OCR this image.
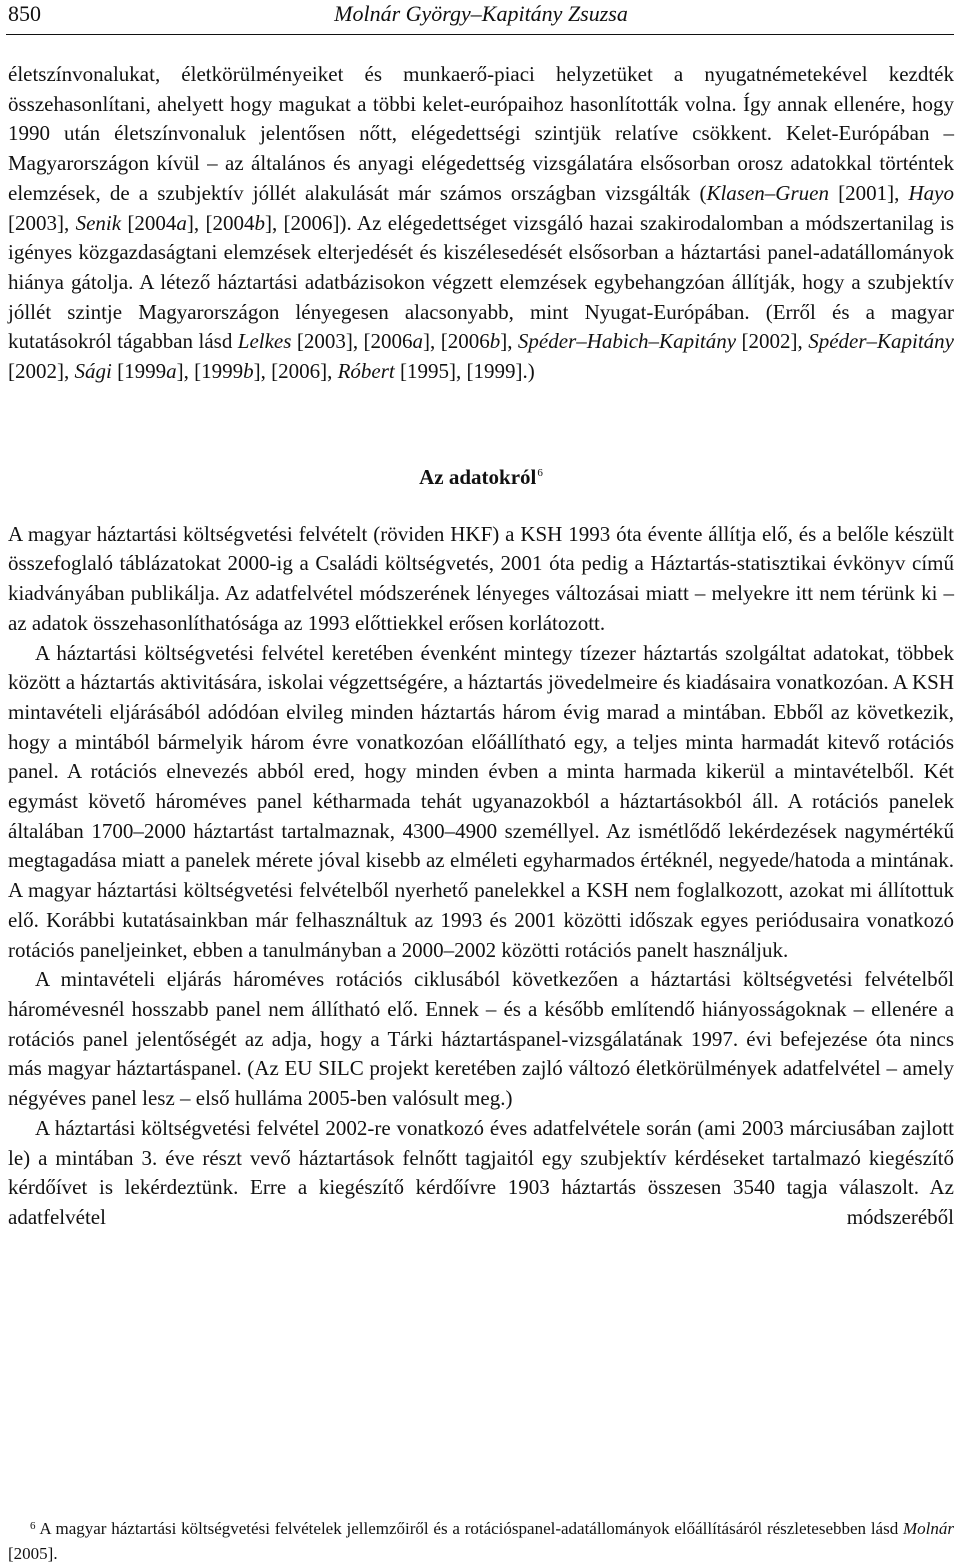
850	Molnár György–Kapitány Zsuzsa

életszínvonalukat, életkörülményeiket és munkaerő-piaci helyzetüket a nyugatnémetekével kezdték összehasonlítani, ahelyett hogy magukat a többi kelet-európaihoz hasonlították volna. Így annak ellenére, hogy 1990 után életszínvonaluk jelentősen nőtt, elégedettségi szintjük relatíve csökkent. Kelet-Európában – Magyarországon kívül – az általános és anyagi elégedettség vizsgálatára elsősorban orosz adatokkal történtek elemzések, de a szubjektív jóllét alakulását már számos országban vizsgálták (Klasen–Gruen [2001], Hayo [2003], Senik [2004a], [2004b], [2006]). Az elégedettséget vizsgáló hazai szakirodalomban a módszertanilag is igényes közgazdaságtani elemzések elterjedését és kiszélesedését elsősorban a háztartási panel-adatállományok hiánya gátolja. A létező háztartási adatbázisokon végzett elemzések egybehangzóan állítják, hogy a szubjektív jóllét szintje Magyarországon lényegesen alacsonyabb, mint Nyugat-Európában. (Erről és a magyar kutatásokról tágabban lásd Lelkes [2003], [2006a], [2006b], Spéder–Habich–Kapitány [2002], Spéder–Kapitány [2002], Sági [1999a], [1999b], [2006], Róbert [1995], [1999].)

Az adatokról$^6$

A magyar háztartási költségvetési felvételt (röviden HKF) a KSH 1993 óta évente állítja elő, és a belőle készült összefoglaló táblázatokat 2000-ig a Családi költségvetés, 2001 óta pedig a Háztartás-statisztikai évkönyv című kiadványában publikálja. Az adatfelvétel módszerének lényeges változásai miatt – melyekre itt nem térünk ki – az adatok összehasonlíthatósága az 1993 előttiekkel erősen korlátozott.

A háztartási költségvetési felvétel keretében évenként mintegy tízezer háztartás szolgáltat adatokat, többek között a háztartás aktivitására, iskolai végzettségére, a háztartás jövedelmeire és kiadásaira vonatkozóan. A KSH mintavételi eljárásából adódóan elvileg minden háztartás három évig marad a mintában. Ebből az következik, hogy a mintából bármelyik három évre vonatkozóan előállítható egy, a teljes minta harmadát kitevő rotációs panel. A rotációs elnevezés abból ered, hogy minden évben a minta harmada kikerül a mintavételből. Két egymást követő hároméves panel kétharmada tehát ugyanazokból a háztartásokból áll. A rotációs panelek általában 1700–2000 háztartást tartalmaznak, 4300–4900 személlyel. Az ismétlődő lekérdezések nagymértékű megtagadása miatt a panelek mérete jóval kisebb az elméleti egyharmados értéknél, negyede/hatoda a mintának. A magyar háztartási költségvetési felvételből nyerhető panelekkel a KSH nem foglalkozott, azokat mi állítottuk elő. Korábbi kutatásainkban már felhasználtuk az 1993 és 2001 közötti időszak egyes periódusaira vonatkozó rotációs paneljeinket, ebben a tanulmányban a 2000–2002 közötti rotációs panelt használjuk.

A mintavételi eljárás hároméves rotációs ciklusából következően a háztartási költségvetési felvételből háromévesnél hosszabb panel nem állítható elő. Ennek – és a később említendő hiányosságoknak – ellenére a rotációs panel jelentőségét az adja, hogy a Tárki háztartáspanel-vizsgálatának 1997. évi befejezése óta nincs más magyar háztartáspanel. (Az EU SILC projekt keretében zajló változó életkörülmények adatfelvétel – amely négyéves panel lesz – első hulláma 2005-ben valósult meg.)

A háztartási költségvetési felvétel 2002-re vonatkozó éves adatfelvétele során (ami 2003 márciusában zajlott le) a mintában 3. éve részt vevő háztartások felnőtt tagjaitól egy szubjektív kérdéseket tartalmazó kiegészítő kérdőívet is lekérdeztünk. Erre a kiegészítő kérdőívre 1903 háztartás összesen 3540 tagja válaszolt. Az adatfelvétel módszeréből

$^6$ A magyar háztartási költségvetési felvételek jellemzőiről és a rotációspanel-adatállományok előállításáról részletesebben lásd Molnár [2005].
